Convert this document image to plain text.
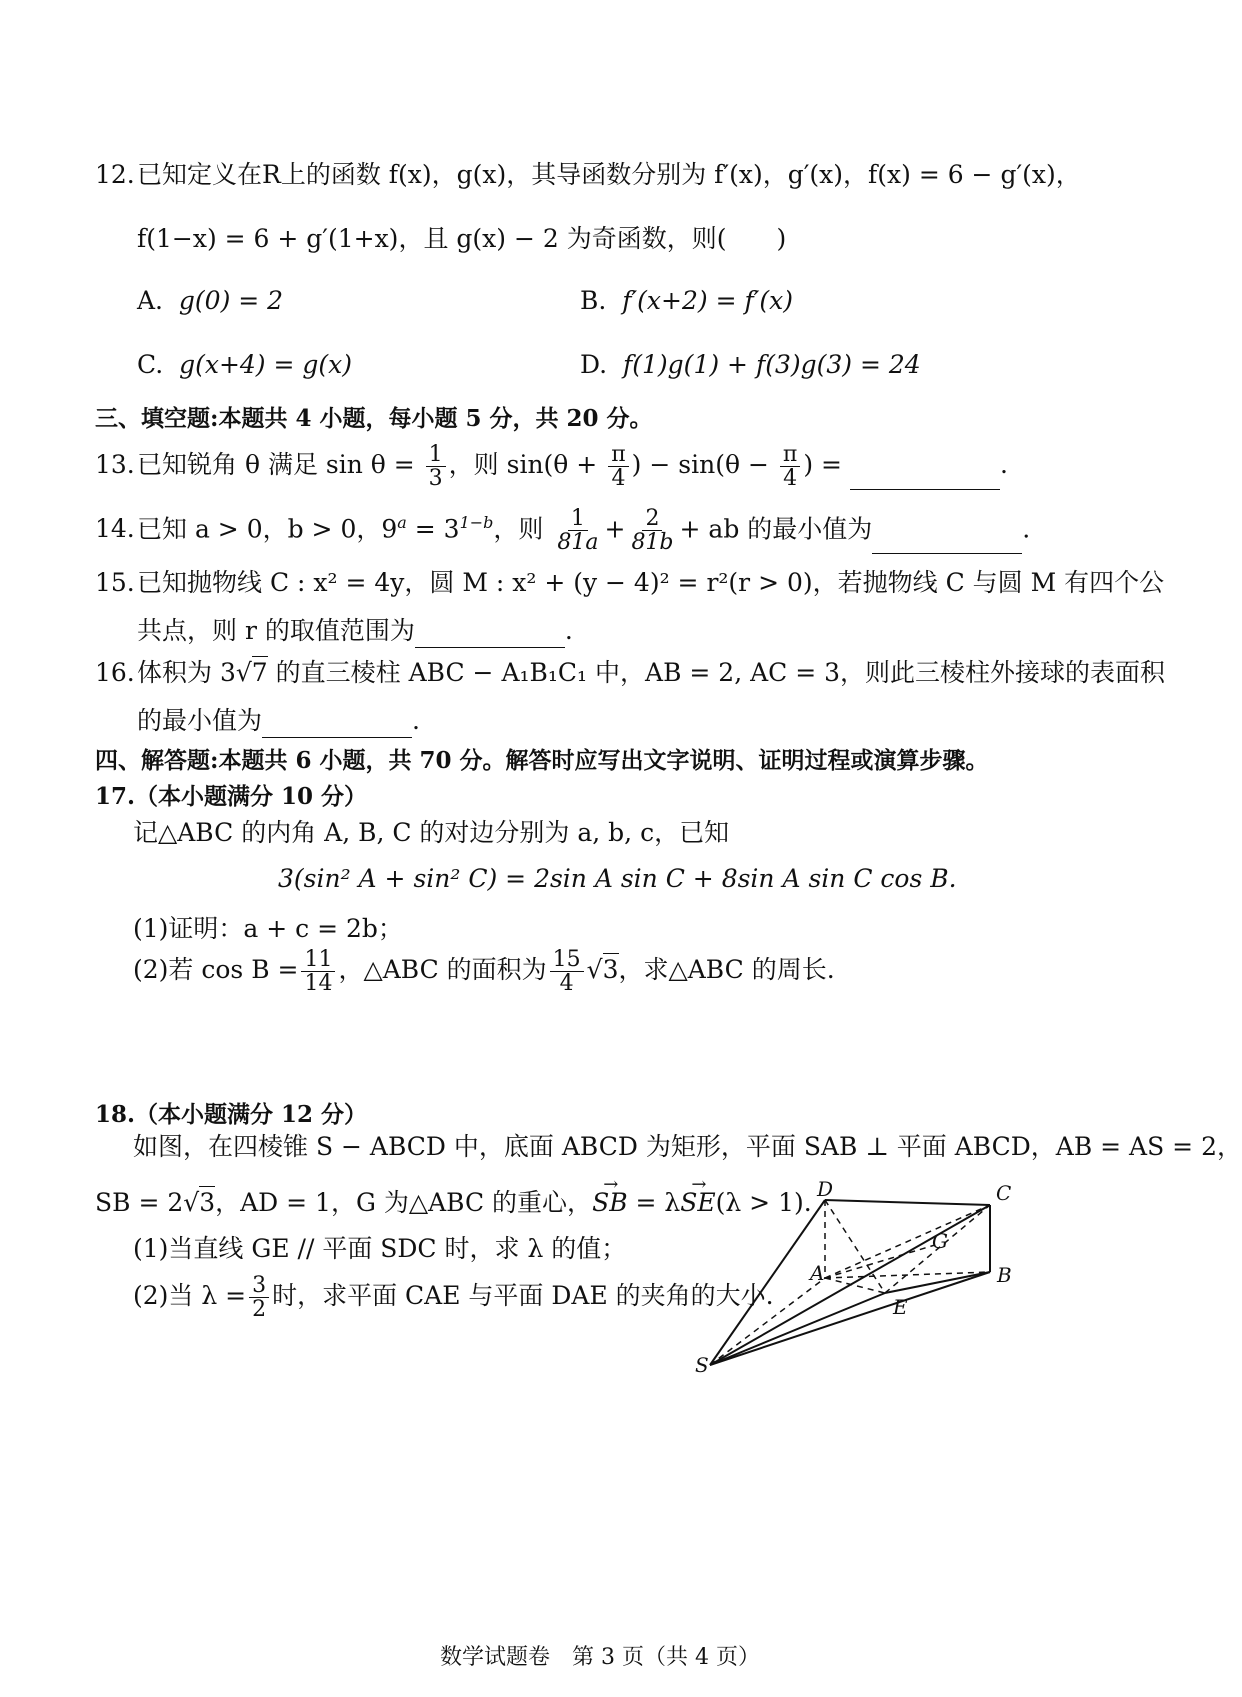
12.已知定义在R上的函数 f(x)，g(x)，其导函数分别为 f′(x)，g′(x)，f(x) = 6 − g′(x)，
f(1−x) = 6 + g′(1+x)，且 g(x) − 2 为奇函数，则(　　)
A. g(0) = 2	B. f′(x+2) = f′(x)
C. g(x+4) = g(x)	D. f(1)g(1) + f(3)g(3) = 24
三、填空题:本题共 4 小题，每小题 5 分，共 20 分。
13.已知锐角 θ 满足 $\sin \theta = \frac{1}{3}$ ，则 $\sin(\theta + \frac{\pi}{4}$ ) − $\sin(\theta - \frac{\pi}{4}$ ) =	.
14.已知 a > 0，b > 0，$9^a = 3^{1-b}$，则 $\frac{1}{81a} + \frac{2}{81b}$ + ab 的最小值为	.
15.已知抛物线 C : x² = 4y，圆 M : x² + (y − 4)² = r²(r > 0)，若抛物线 C 与圆 M 有四个公
共点，则 r 的取值范围为	.
16.体积为 3√7 的直三棱柱 ABC − A₁B₁C₁ 中，AB = 2, AC = 3，则此三棱柱外接球的表面积
的最小值为	.
四、解答题:本题共 6 小题，共 70 分。解答时应写出文字说明、证明过程或演算步骤。
17.（本小题满分 10 分）
记△ABC 的内角 A, B, C 的对边分别为 a, b, c，已知
3(sin² A + sin² C) = 2sin A sin C + 8sin A sin C cos B.
(1)证明：a + c = 2b；
(2)若 $\cos B = \frac{11}{14}$ ，△ABC 的面积为 $\frac{15}{4} √3$，求△ABC 的周长.
18.（本小题满分 12 分）
如图，在四棱锥 S − ABCD 中，底面 ABCD 为矩形，平面 SAB ⊥ 平面 ABCD，AB = AS = 2，
SB = 2√3，AD = 1，G 为△ABC 的重心，→ SB = λ→ SE(λ > 1).
(1)当直线 GE // 平面 SDC 时，求 λ 的值；
(2)当 $\lambda = \frac{3}{2}$ 时，求平面 CAE 与平面 DAE 的夹角的大小.
D	C
A	B
G
E
S
数学试题卷　第 3 页（共 4 页）
